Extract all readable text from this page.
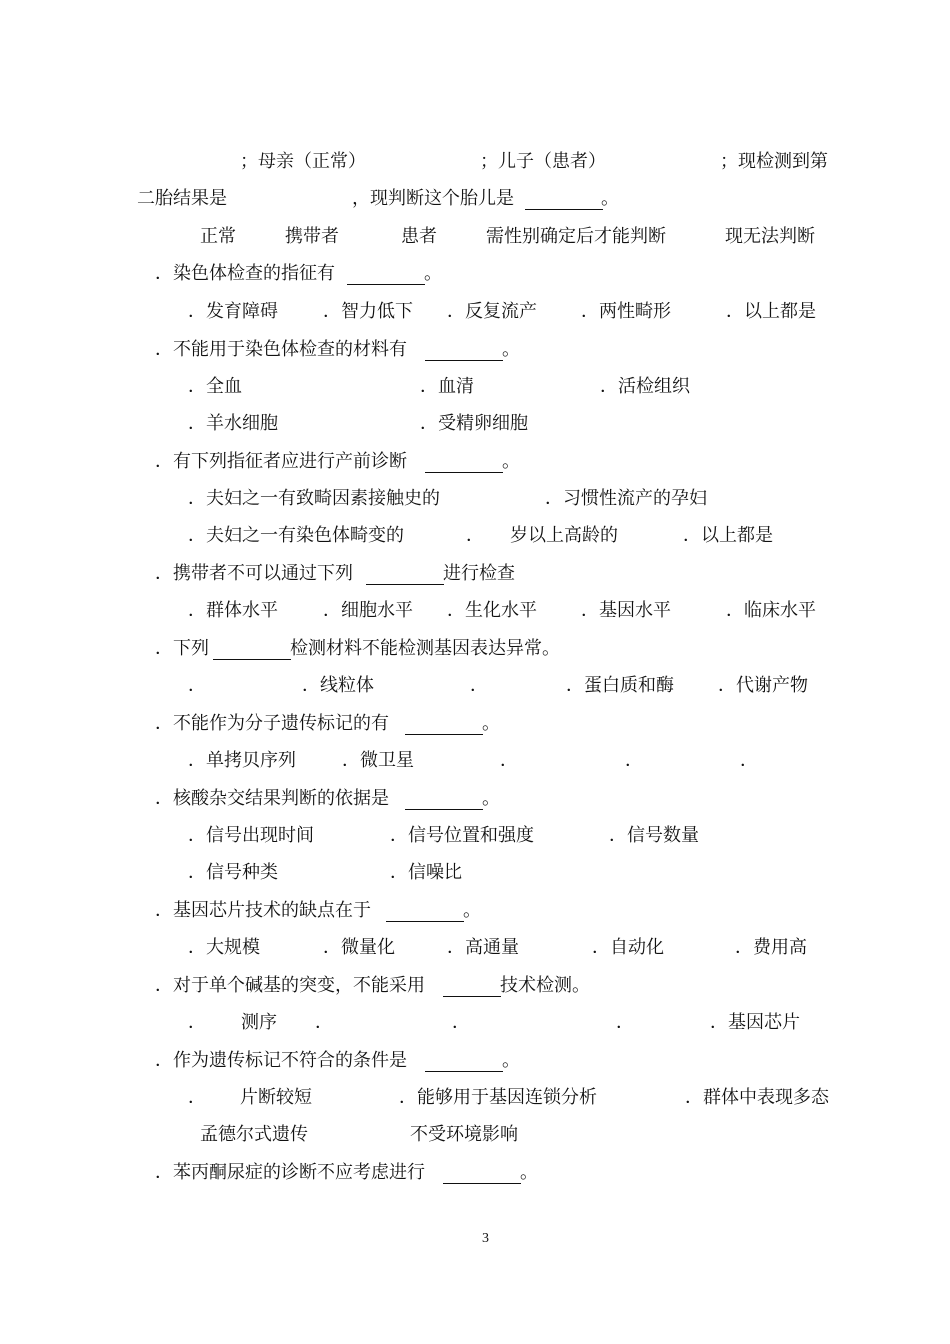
；母亲（正常）	；儿子（患者）	；现检测到第
二胎结果是	，现判断这个胎儿是	。
正常	携带者	患者	需性别确定后才能判断	现无法判断
．染色体检查的指征有	。
．发育障碍	．智力低下 ．反复流产 ．两性畸形	．以上都是
．不能用于染色体检查的材料有	。
．全血	．血清	．活检组织
．羊水细胞	．受精卵细胞
．有下列指征者应进行产前诊断	。
．夫妇之一有致畸因素接触史的	．习惯性流产的孕妇
．夫妇之一有染色体畸变的	． 岁以上高龄的	．以上都是
．携带者不可以通过下列	进行检查
．群体水平	．细胞水平 ．生化水平 ．基因水平	．临床水平
．下列	检测材料不能检测基因表达异常。
．	．线粒体	．	．蛋白质和酶 ．代谢产物
．不能作为分子遗传标记的有	。
．单拷贝序列	．微卫星	．	．	．
．核酸杂交结果判断的依据是	。
．信号出现时间	．信号位置和强度	．信号数量
．信号种类	．信噪比
．基因芯片技术的缺点在于	。
．大规模	．微量化	．高通量	．自动化	．费用高
．对于单个碱基的突变，不能采用	技术检测。
． 测序 ．	．	．	．基因芯片
．作为遗传标记不符合的条件是	。
． 片断较短	．能够用于基因连锁分析	．群体中表现多态
孟德尔式遗传	不受环境影响
．苯丙酮尿症的诊断不应考虑进行	。
3
